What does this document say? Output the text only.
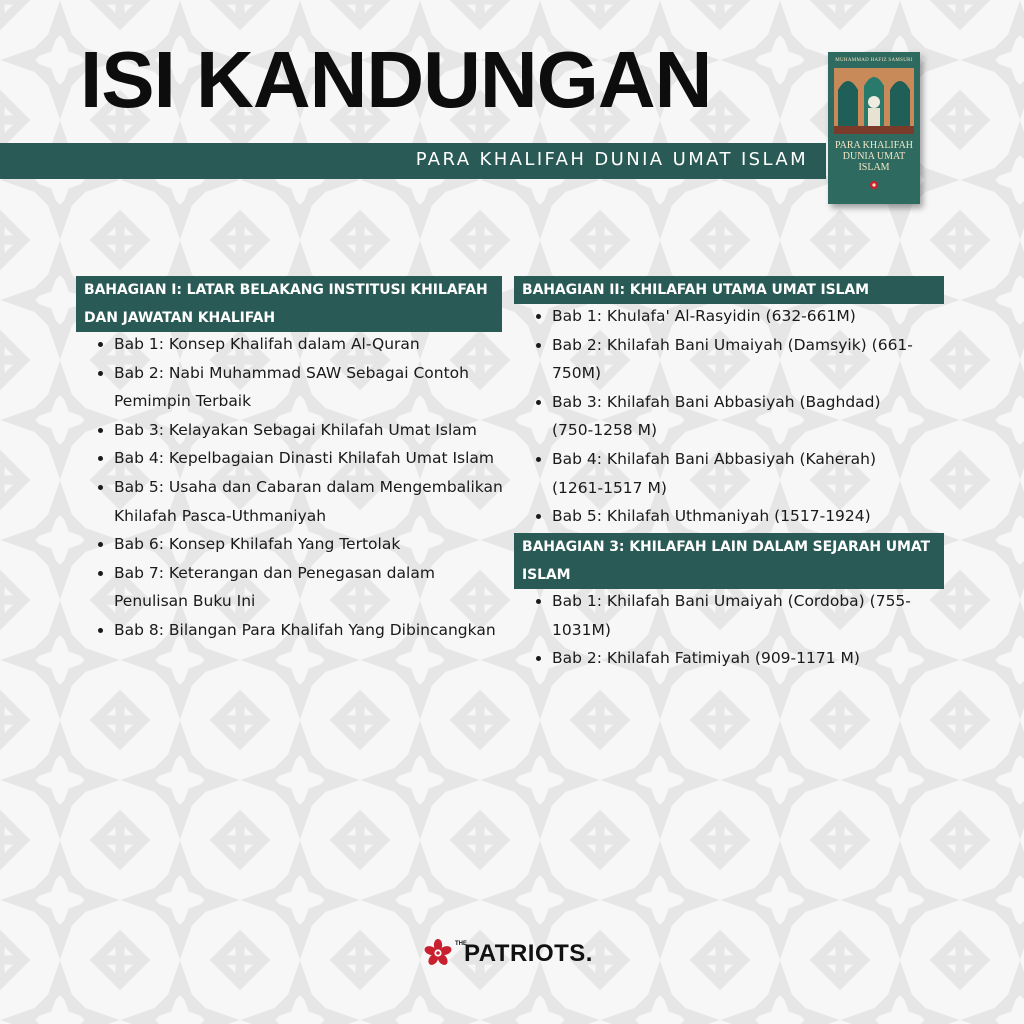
ISI KANDUNGAN
PARA KHALIFAH DUNIA UMAT ISLAM
MUHAMMAD HAFIZ SAMSURI
PARA KHALIFAH DUNIA UMAT ISLAM
BAHAGIAN I: LATAR BELAKANG INSTITUSI KHILAFAH DAN JAWATAN KHALIFAH
Bab 1: Konsep Khalifah dalam Al-Quran
Bab 2: Nabi Muhammad SAW Sebagai Contoh Pemimpin Terbaik
Bab 3: Kelayakan Sebagai Khilafah Umat Islam
Bab 4: Kepelbagaian Dinasti Khilafah Umat Islam
Bab 5: Usaha dan Cabaran dalam Mengembalikan Khilafah Pasca-Uthmaniyah
Bab 6: Konsep Khilafah Yang Tertolak
Bab 7: Keterangan dan Penegasan dalam Penulisan Buku Ini
Bab 8: Bilangan Para Khalifah Yang Dibincangkan
BAHAGIAN II: KHILAFAH UTAMA UMAT ISLAM
Bab 1: Khulafa' Al-Rasyidin (632-661M)
Bab 2: Khilafah Bani Umaiyah (Damsyik) (661-750M)
Bab 3: Khilafah Bani Abbasiyah (Baghdad) (750-1258 M)
Bab 4: Khilafah Bani Abbasiyah (Kaherah) (1261-1517 M)
Bab 5: Khilafah Uthmaniyah (1517-1924)
BAHAGIAN 3: KHILAFAH LAIN DALAM SEJARAH UMAT ISLAM
Bab 1: Khilafah Bani Umaiyah (Cordoba) (755-1031M)
Bab 2: Khilafah Fatimiyah (909-1171 M)
THE
PATRIOTS.
